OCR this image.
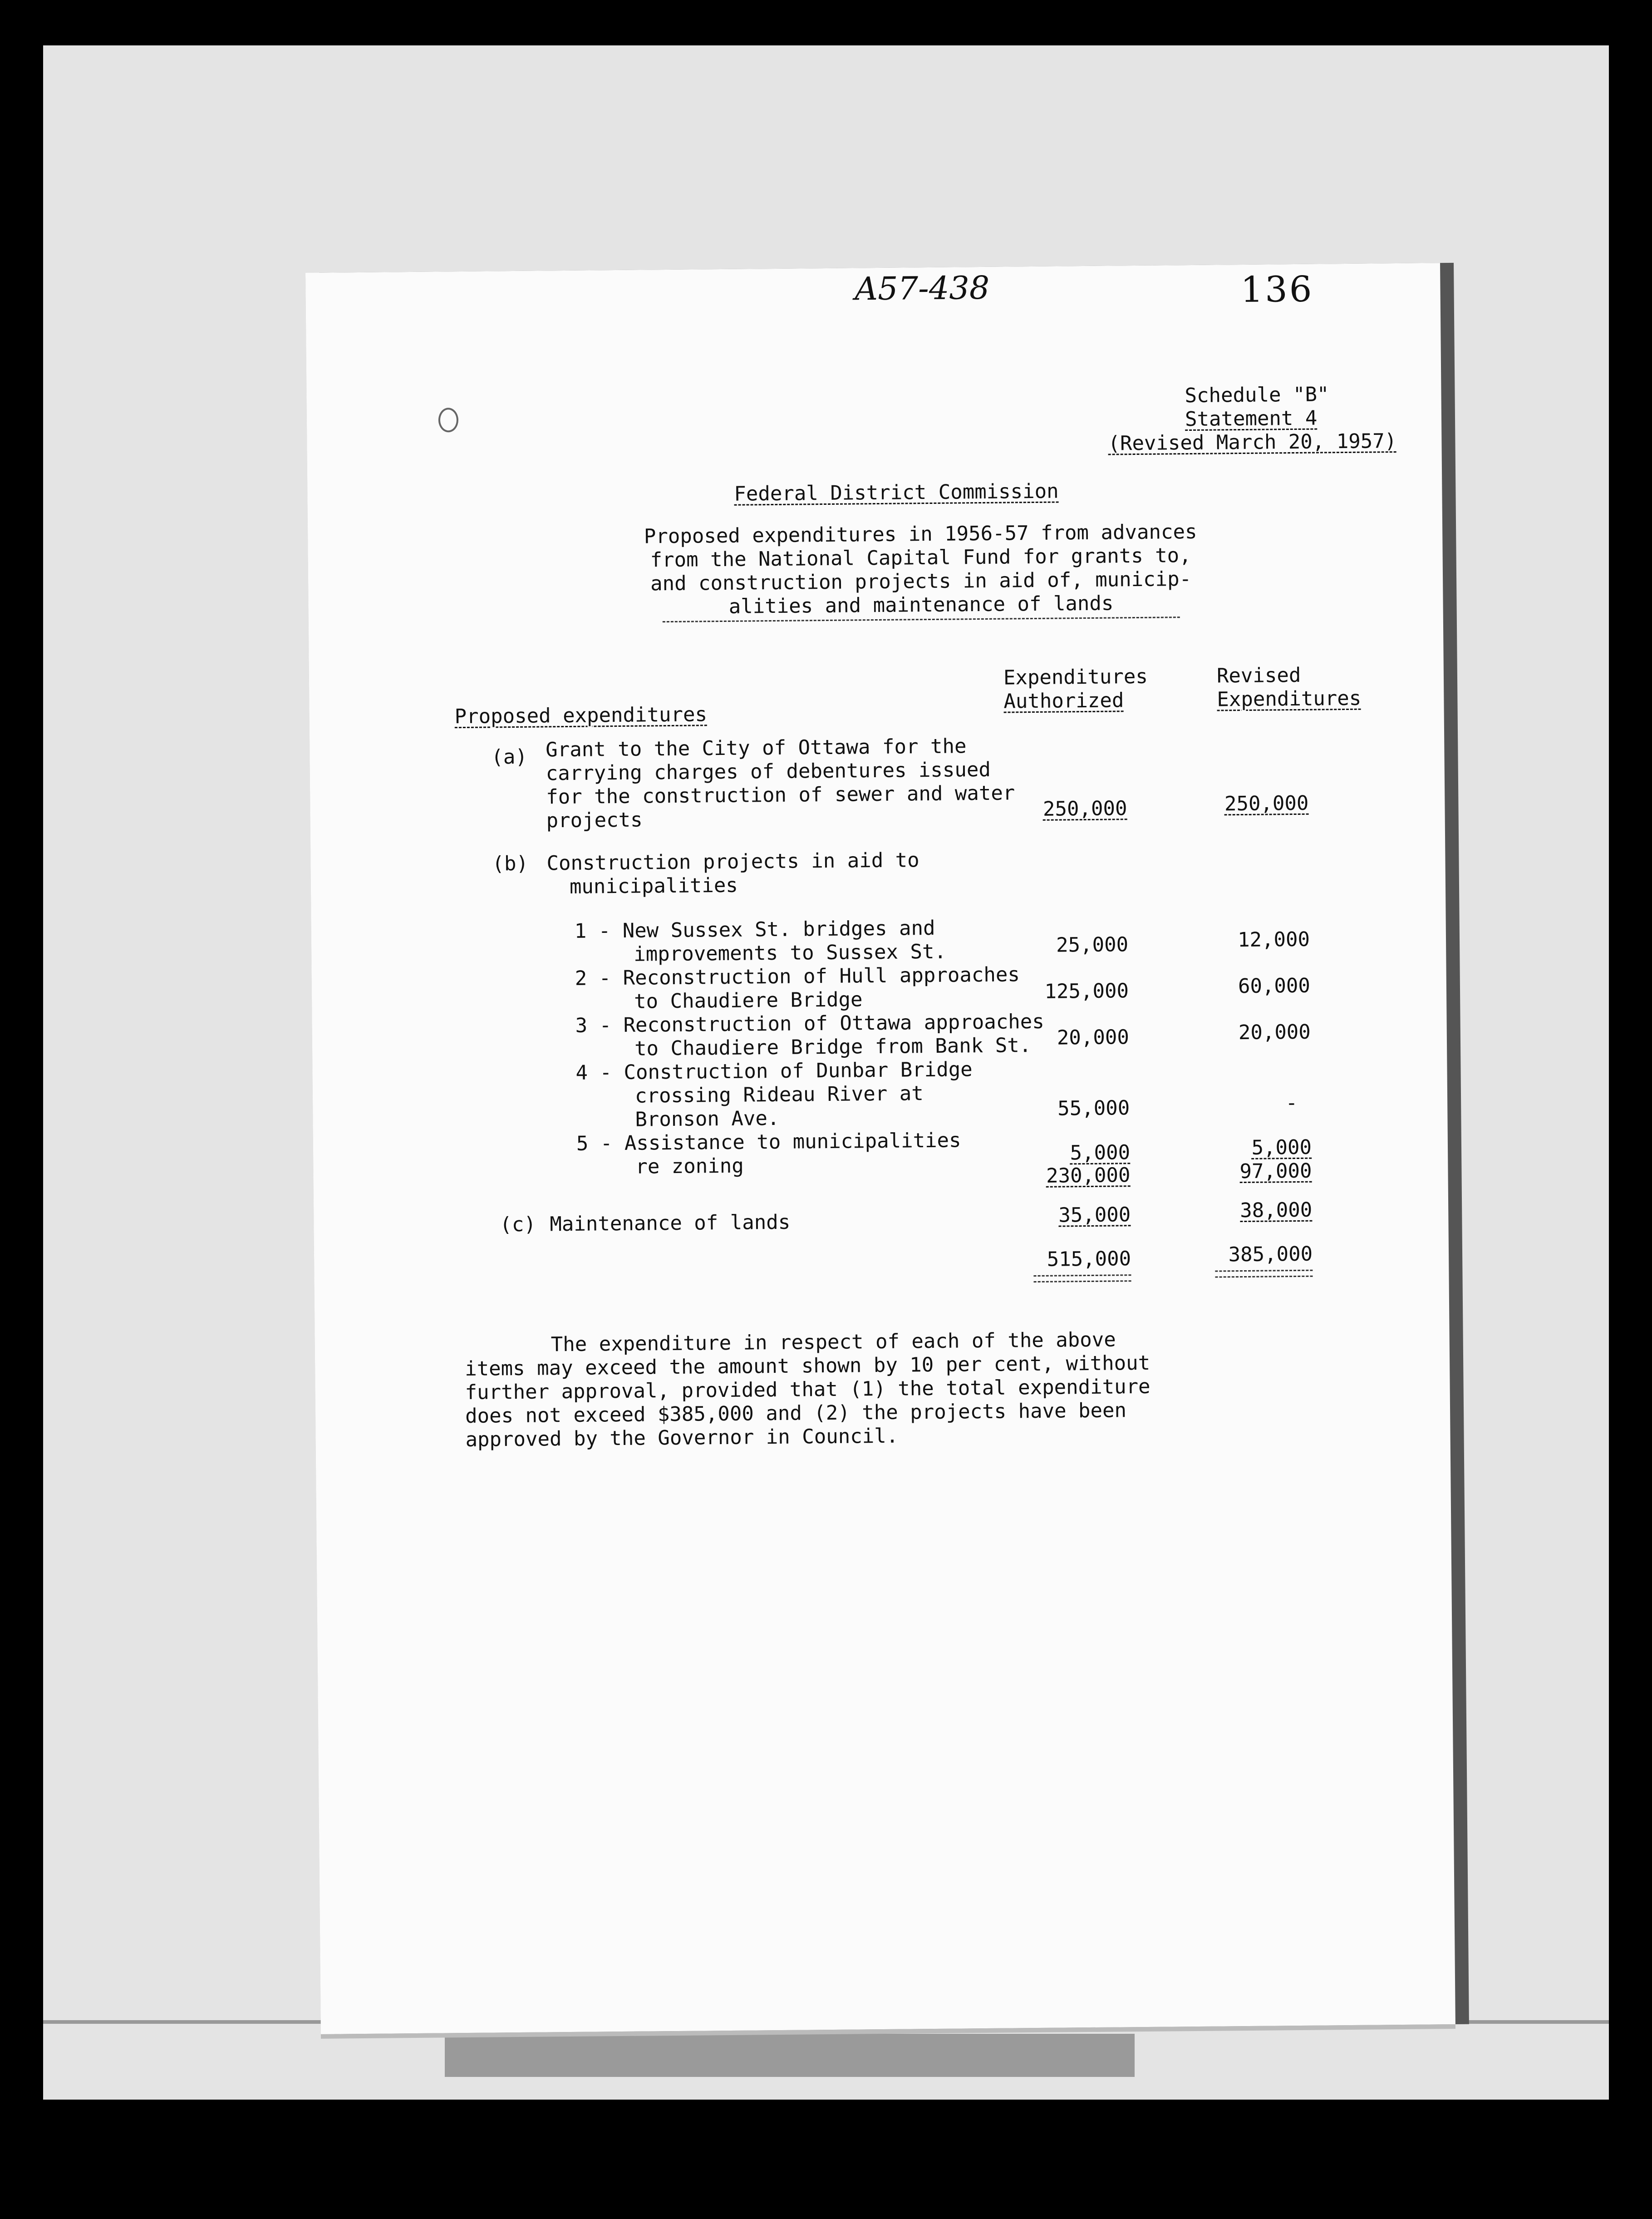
A57-438	136
Schedule "B"
Statement 4
(Revised March 20, 1957)
Federal District Commission
Proposed expenditures in 1956-57 from advances
from the National Capital Fund for grants to,
and construction projects in aid of, municip-
alities and maintenance of lands
Expenditures
Authorized
Revised
Expenditures
Proposed expenditures
(a) Grant to the City of Ottawa for the
carrying charges of debentures issued
for the construction of sewer and water
projects	250,000	250,000
(b) Construction projects in aid to
municipalities
1 - New Sussex St. bridges and
improvements to Sussex St.	25,000	12,000
2 - Reconstruction of Hull approaches
to Chaudiere Bridge	125,000	60,000
3 - Reconstruction of Ottawa approaches
to Chaudiere Bridge from Bank St.	20,000	20,000
4 - Construction of Dunbar Bridge
crossing Rideau River at
Bronson Ave.	55,000	-
5 - Assistance to municipalities
re zoning
5,000	5,000
230,000	97,000
(c) Maintenance of lands	35,000	38,000
515,000	385,000
The expenditure in respect of each of the above
items may exceed the amount shown by 10 per cent, without
further approval, provided that (1) the total expenditure
does not exceed $385,000 and (2) the projects have been
approved by the Governor in Council.
